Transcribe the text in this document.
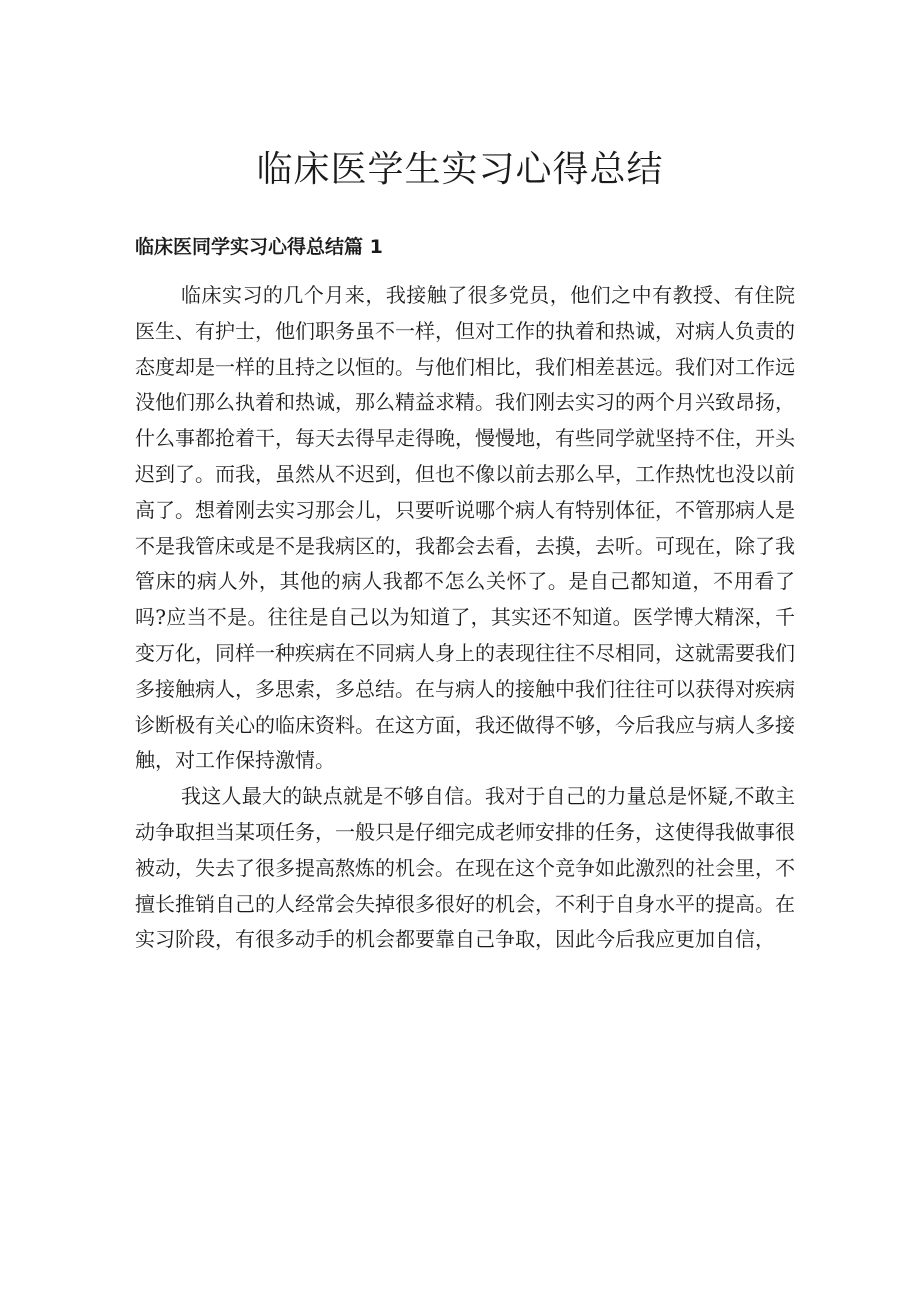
临床医学生实习心得总结
临床医同学实习心得总结篇 1

临床实习的几个月来，我接触了很多党员，他们之中有教授、有住院医生、有护士，他们职务虽不一样，但对工作的执着和热诚，对病人负责的态度却是一样的且持之以恒的。与他们相比，我们相差甚远。我们对工作远没他们那么执着和热诚，那么精益求精。我们刚去实习的两个月兴致昂扬，什么事都抢着干，每天去得早走得晚，慢慢地，有些同学就坚持不住，开头迟到了。而我，虽然从不迟到，但也不像以前去那么早，工作热忱也没以前高了。想着刚去实习那会儿，只要听说哪个病人有特别体征，不管那病人是不是我管床或是不是我病区的，我都会去看，去摸，去听。可现在，除了我管床的病人外，其他的病人我都不怎么关怀了。是自己都知道，不用看了吗?应当不是。往往是自己以为知道了，其实还不知道。医学博大精深，千变万化，同样一种疾病在不同病人身上的表现往往不尽相同，这就需要我们多接触病人，多思索，多总结。在与病人的接触中我们往往可以获得对疾病诊断极有关心的临床资料。在这方面，我还做得不够，今后我应与病人多接触，对工作保持激情。

我这人最大的缺点就是不够自信。我对于自己的力量总是怀疑,不敢主动争取担当某项任务，一般只是仔细完成老师安排的任务，这使得我做事很被动，失去了很多提高熬炼的机会。在现在这个竞争如此激烈的社会里，不擅长推销自己的人经常会失掉很多很好的机会，不利于自身水平的提高。在实习阶段，有很多动手的机会都要靠自己争取，因此今后我应更加自信，
